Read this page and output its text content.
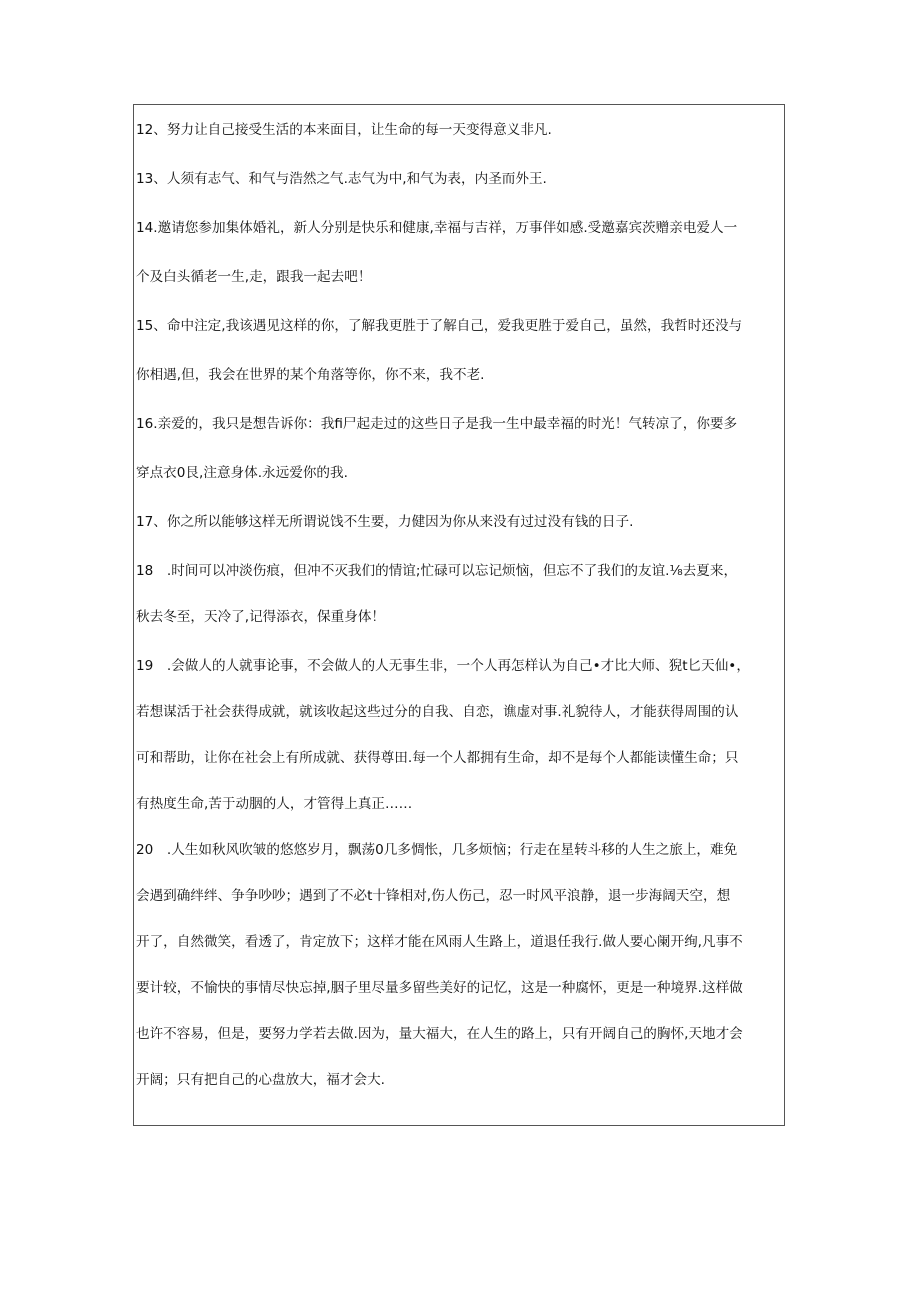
12、努力让自己接受生活的本来面目，让生命的每一天变得意义非凡.
13、人须有志气、和气与浩然之气.志气为中,和气为表，内圣而外王.
14.邀请您参加集体婚礼，新人分别是快乐和健康,幸福与吉祥，万事伴如感.受邀嘉宾茨赠亲电爱人一
个及白头循老一生,走，跟我一起去吧！
15、命中注定,我该遇见这样的你，了解我更胜于了解自己，爱我更胜于爱自己，虽然，我哲时还没与
你相遇,但，我会在世界的某个角落等你，你不来，我不老.
16.亲爱的，我只是想告诉你：我fi尸起走过的这些日子是我一生中最幸福的时光！气转凉了，你要多
穿点衣0艮,注意身体.永远爱你的我.
17、你之所以能够这样无所谓说饯不生要，力健因为你从来没有过过没有钱的日子.
18　.时间可以冲淡伤痕，但冲不灭我们的情谊;忙碌可以忘记烦恼，但忘不了我们的友谊.⅛去夏来，
秋去冬至，天冷了,记得添衣，保重身体！
19　.会做人的人就事论事，不会做人的人无事生非，一个人再怎样认为自己•才比大师、猊t匕天仙•，
若想谋活于社会获得成就，就该收起这些过分的自我、自恋，谯虚对事.礼貌待人，才能获得周围的认
可和帮助，让你在社会上有所成就、获得尊田.每一个人都拥有生命，却不是每个人都能读懂生命；只
有热度生命,苦于动胭的人，才管得上真正……
20　.人生如秋风吹皱的悠悠岁月，飘荡0几多惆怅，几多烦恼；行走在星转斗移的人生之旅上，难免
会遇到确绊绊、争争吵吵；遇到了不必t十锋相对,伤人伤己，忍一时风平浪静，退一步海阔天空，想
开了，自然微笑，看透了，肯定放下；这样才能在风雨人生路上，道退任我行.做人要心阑开绚,凡事不
要计较，不愉快的事情尽快忘掉,胭子里尽量多留些美好的记忆，这是一种腐怀，更是一种境界.这样做
也许不容易，但是，要努力学若去做.因为，量大福大，在人生的路上，只有开阔自己的胸怀,天地才会
开阔；只有把自己的心盘放大，福才会大.
